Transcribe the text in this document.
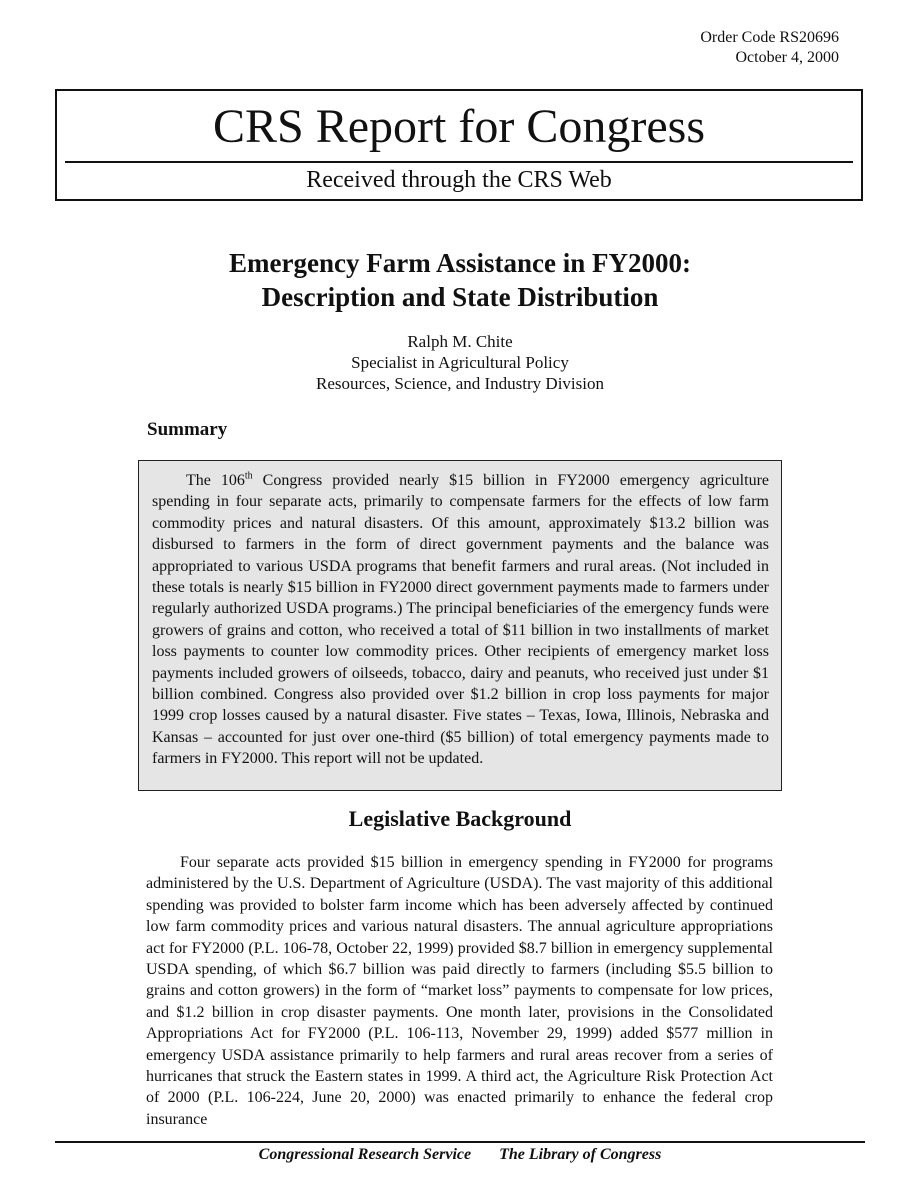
Order Code RS20696
October 4, 2000
CRS Report for Congress
Received through the CRS Web
Emergency Farm Assistance in FY2000:
Description and State Distribution
Ralph M. Chite
Specialist in Agricultural Policy
Resources, Science, and Industry Division
Summary

The 106th Congress provided nearly $15 billion in FY2000 emergency agriculture spending in four separate acts, primarily to compensate farmers for the effects of low farm commodity prices and natural disasters. Of this amount, approximately $13.2 billion was disbursed to farmers in the form of direct government payments and the balance was appropriated to various USDA programs that benefit farmers and rural areas. (Not included in these totals is nearly $15 billion in FY2000 direct government payments made to farmers under regularly authorized USDA programs.) The principal beneficiaries of the emergency funds were growers of grains and cotton, who received a total of $11 billion in two installments of market loss payments to counter low commodity prices. Other recipients of emergency market loss payments included growers of oilseeds, tobacco, dairy and peanuts, who received just under $1 billion combined. Congress also provided over $1.2 billion in crop loss payments for major 1999 crop losses caused by a natural disaster. Five states – Texas, Iowa, Illinois, Nebraska and Kansas – accounted for just over one-third ($5 billion) of total emergency payments made to farmers in FY2000. This report will not be updated.

Legislative Background

Four separate acts provided $15 billion in emergency spending in FY2000 for programs administered by the U.S. Department of Agriculture (USDA). The vast majority of this additional spending was provided to bolster farm income which has been adversely affected by continued low farm commodity prices and various natural disasters. The annual agriculture appropriations act for FY2000 (P.L. 106-78, October 22, 1999) provided $8.7 billion in emergency supplemental USDA spending, of which $6.7 billion was paid directly to farmers (including $5.5 billion to grains and cotton growers) in the form of “market loss” payments to compensate for low prices, and $1.2 billion in crop disaster payments. One month later, provisions in the Consolidated Appropriations Act for FY2000 (P.L. 106-113, November 29, 1999) added $577 million in emergency USDA assistance primarily to help farmers and rural areas recover from a series of hurricanes that struck the Eastern states in 1999. A third act, the Agriculture Risk Protection Act of 2000 (P.L. 106-224, June 20, 2000) was enacted primarily to enhance the federal crop insurance

Congressional Research Service The Library of Congress
